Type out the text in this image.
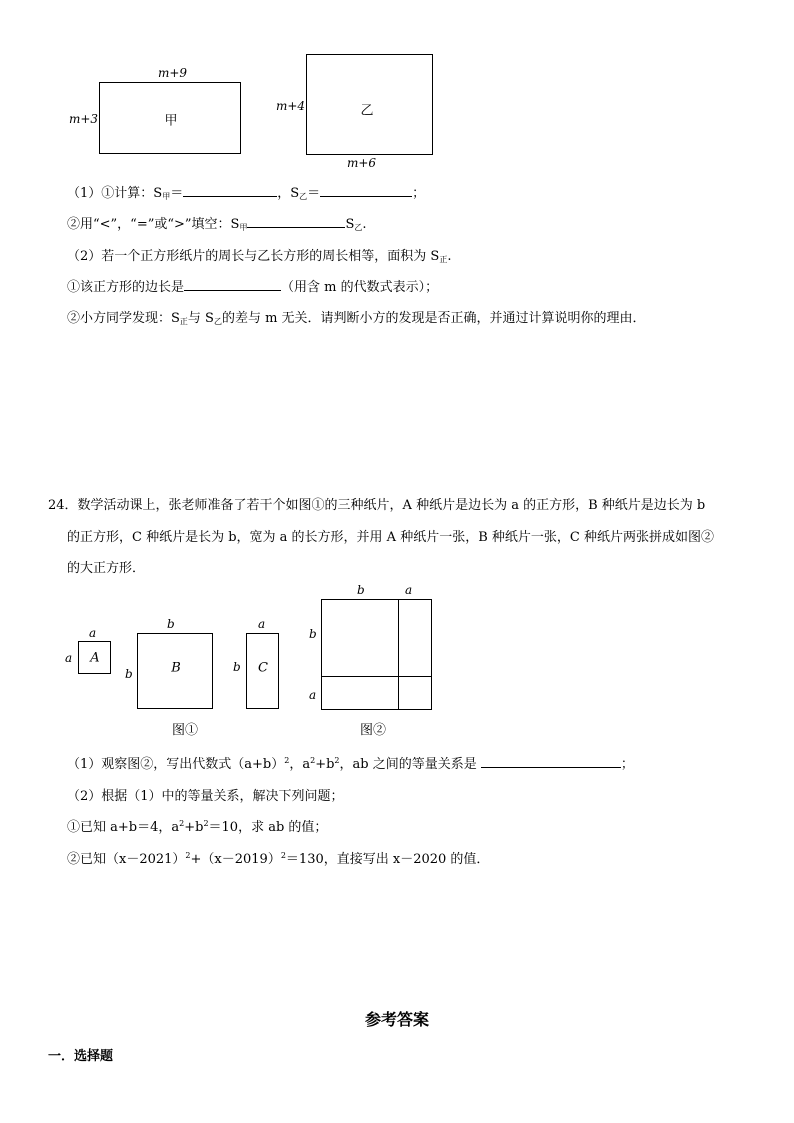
甲
m+9
m+3
乙
m+4
m+6
（1）①计算：S甲＝	，S乙＝	；
②用“<”，“=”或“>”填空：S甲	S乙.
（2）若一个正方形纸片的周长与乙长方形的周长相等，面积为 S正.
①该正方形的边长是	（用含 m 的代数式表示）；
②小方同学发现：S正与 S乙的差与 m 无关．请判断小方的发现是否正确，并通过计算说明你的理由．
24．数学活动课上，张老师准备了若干个如图①的三种纸片，A 种纸片是边长为 a 的正方形，B 种纸片是边长为 b
的正方形，C 种纸片是长为 b，宽为 a 的长方形，并用 A 种纸片一张，B 种纸片一张，C 种纸片两张拼成如图②
的大正方形．
A
a
a
B
b
b	C
a
b
图①
b	a
b
a
图②
（1）观察图②，写出代数式$(a+b)^2$，$a^2+b^2$，ab 之间的等量关系是	；
（2）根据（1）中的等量关系，解决下列问题；
①已知 a+b＝4，$a^2+b^2=10$，求 ab 的值；
②已知$(x-2021)^2+(x-2019)^2=130$，直接写出 x－2020 的值．
参考答案
一．选择题
